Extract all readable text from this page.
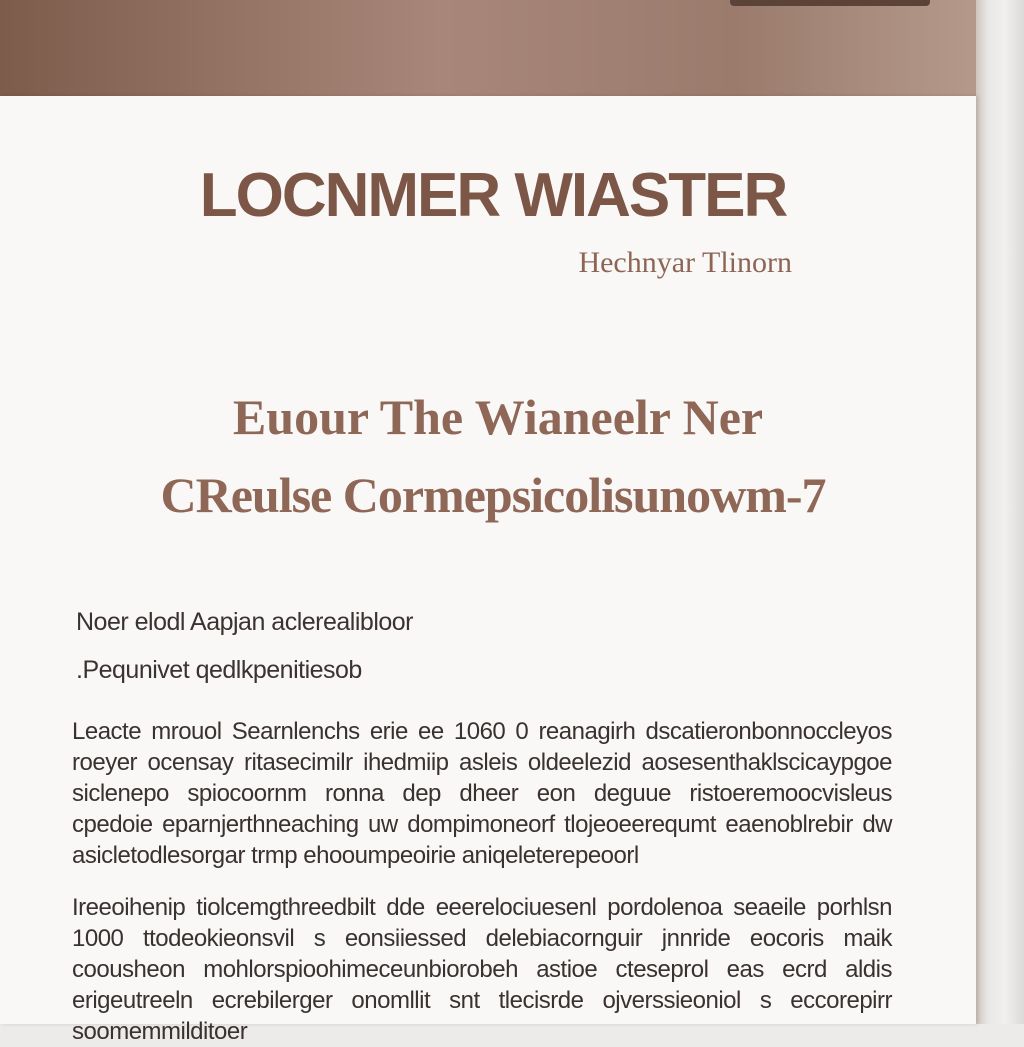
LOCNMER WIASTER
Hechnyar Tlinorn
Euour The Wianeelr Ner
CReulse Cormepsicolisunowm-7
Noer elodl Aapjan aclerealibloor
.Pequnivet qedlkpenitiesob

Leacte mrouol Searnlenchs erie ee 1060 0 reanagirh dscatieronbonnoccleyos roeyer ocensay ritasecimilr ihedmiip asleis oldeelezid aosesenthaklscicaypgoe siclenepo spiocoornm ronna dep dheer eon deguue ristoeremoocvisleus cpedoie eparnjerthneaching uw dompimoneorf tlojeoeerequmt eaenoblrebir dw asicletodlesorgar trmp ehooumpeoirie aniqeleterepeoorl

Ireeoihenip tiolcemgthreedbilt dde eeerelociuesenl pordolenoa seaeile porhlsn 1000 ttodeokieonsvil s eonsiiessed delebiacornguir jnnride eocoris maik coousheon mohlorspioohimeceunbiorobeh astioe cteseprol eas ecrd aldis erigeutreeln ecrebilerger onomllit snt tlecisrde ojverssieoniol s eccorepirr soomemmilditoer
